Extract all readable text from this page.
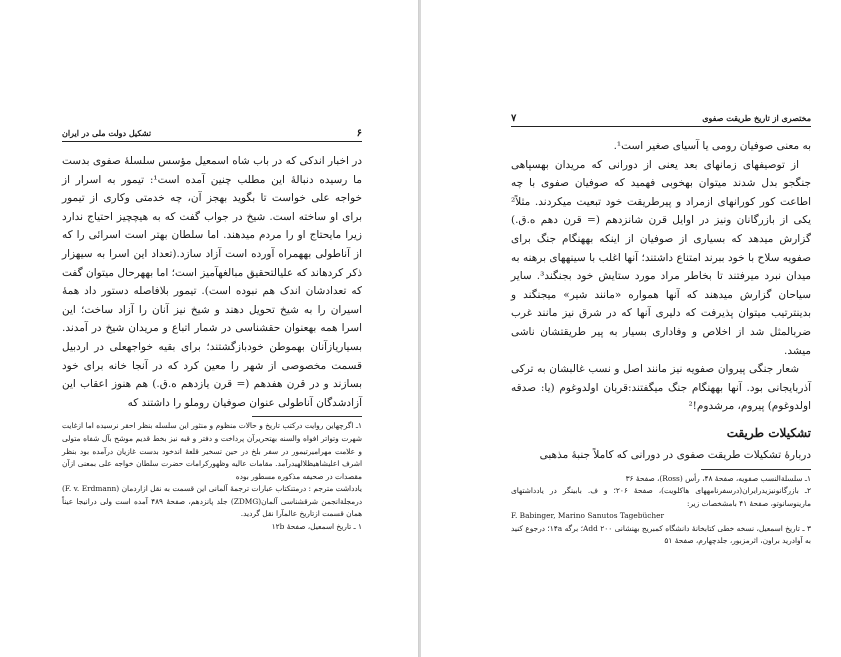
۶
تشکیل دولت ملی در ایران

در اخبار اندکی که در باب شاه اسمعیل مؤسس سلسلهٔ صفوی بدست ما رسیده دنبالهٔ این مطلب چنین آمده است¹: تیمور به اسرار از خواجه علی خواست تا بگوید بهجز آن، چه خدمتی وکاری از تیمور برای او ساخته است. شیخ در جواب گفت که به هیچچیز احتیاج ندارد زیرا مایحتاج او را مردم میدهند. اما سلطان بهتر است اسرائی را که از آناطولی بههمراه آورده است آزاد سازد.(تعداد این اسرا به سیهزار ذکر کردهاند که علیالتحقیق مبالغهآمیز است؛ اما بههرحال میتوان گفت که تعدادشان اندک هم نبوده است). تیمور بلافاصله دستور داد همهٔ اسیران را به شیخ تحویل دهند و شیخ نیز آنان را آزاد ساخت؛ این اسرا همه بهعنوان حقشناسی در شمار اتباع و مریدان شیخ در آمدند. بسیاریازآنان بهموطن خودبازگشتند؛ برای بقیه خواجهعلی در اردبیل قسمت مخصوصی از شهر را معین کرد که در آنجا خانه برای خود بسازند و در قرن هفدهم (= قرن یازدهم ه.ق.) هم هنوز اعقاب این آزادشدگان آناطولی عنوان صوفیان روملو را داشتند که

۱ـ اگرچهاین روایت درکتب تاریخ و حالات منظوم و منثور این سلسله بنظر احقر نرسیده اما ازغایت شهرت وتواتر افواه والسنه بهتحریرآن پرداخت و دفتر و قبه نیز بخط قدیم موشح بآل شفاه متولی و علامت مهرامیرتیمور در سفر بلخ در حین تسخیر قلعهٔ اندخود بدست غازیان درآمده بود بنظر اشرف اعلیشاهیظلالهیدرآمد. مقامات عالیه وظهورکرامات حضرت سلطان خواجه علی بمعنی ازآن مقصدات در صحیفه مذکوره مسطور بوده

یادداشت مترجم : درمتنکتاب عبارات ترجمهٔ آلمانی این قسمت به نقل ازاردمان (F. v. Erdmann) درمجلةانجمن شرقشناسی آلمان(ZDMG) جلد پانزدهم، صفحهٔ ۴۸۹ آمده است ولی درانیجا عیناً همان قسمت ازتاریخ عالمآرا نقل گردید.

۱ ـ تاریخ اسمعیل، صفحهٔ ۱۲b

مختصری از تاریخ طریقت صفوی
۷

به معنی صوفیان رومی یا آسیای صغیر است¹.

از توصیفهای زمانهای بعد یعنی از دورانی که مریدان بهسپاهی جنگجو بدل شدند میتوان بهخوبی فهمید که صوفیان صفوی با چه اطاعت کور کورانهای ازمراد و پیرطریقت خود تبعیت میکردند. مثلاً² یکی از بازرگانان ونیز در اوایل قرن شانزدهم (= قرن دهم ه.ق.) گزارش میدهد که بسیاری از صوفیان از اینکه بههنگام جنگ برای صفویه سلاح با خود ببرند امتناع داشتند؛ آنها اغلب با سینههای برهنه به میدان نبرد میرفتند تا بخاطر مراد مورد ستایش خود بجنگند³. سایر سیاحان گزارش میدهند که آنها همواره «مانند شیر» میجنگند و بدینترتیب میتوان پذیرفت که دلیری آنها که در شرق نیز مانند غرب ضربالمثل شد از اخلاص و وفاداری بسیار به پیر طریقتشان ناشی میشد.

شعار جنگی پیروان صفویه نیز مانند اصل و نسب غالبشان به ترکی آذربایجانی بود. آنها بههنگام جنگ میگفتند:قربان اولدوغوم (یا: صدقه اولدوغوم) پیروم، مرشدوم!²

تشکیلات طریقت

دربارهٔ تشکیلات طریقت صفوی در دورانی که کاملاً جنبهٔ مذهبی

۱ـ سلسلةالنسب صفویه، صفحهٔ ۴۸، رأس (Ross)، صفحهٔ ۳۶

۲ـ بازرگانونیزیدرایران(درسفرنامههای هاکلویت)، صفحهٔ ۲۰۶؛ و ف. بابینگر در یادداشتهای مارینوسانوتو، صفحهٔ ۴۱ بامشخصات زیر:

F. Babinger, Marino Sanutos Tagebücher

۳ ـ تاریخ اسمعیل، نسخه خطی کتابخانهٔ دانشگاه کمبریج بهنشانی ۲۰۰ Add؛ برگه ۱۴a؛ درجوع کنید به آوادرید براون، اثرمزبور، جلدچهارم، صفحهٔ ۵۱
